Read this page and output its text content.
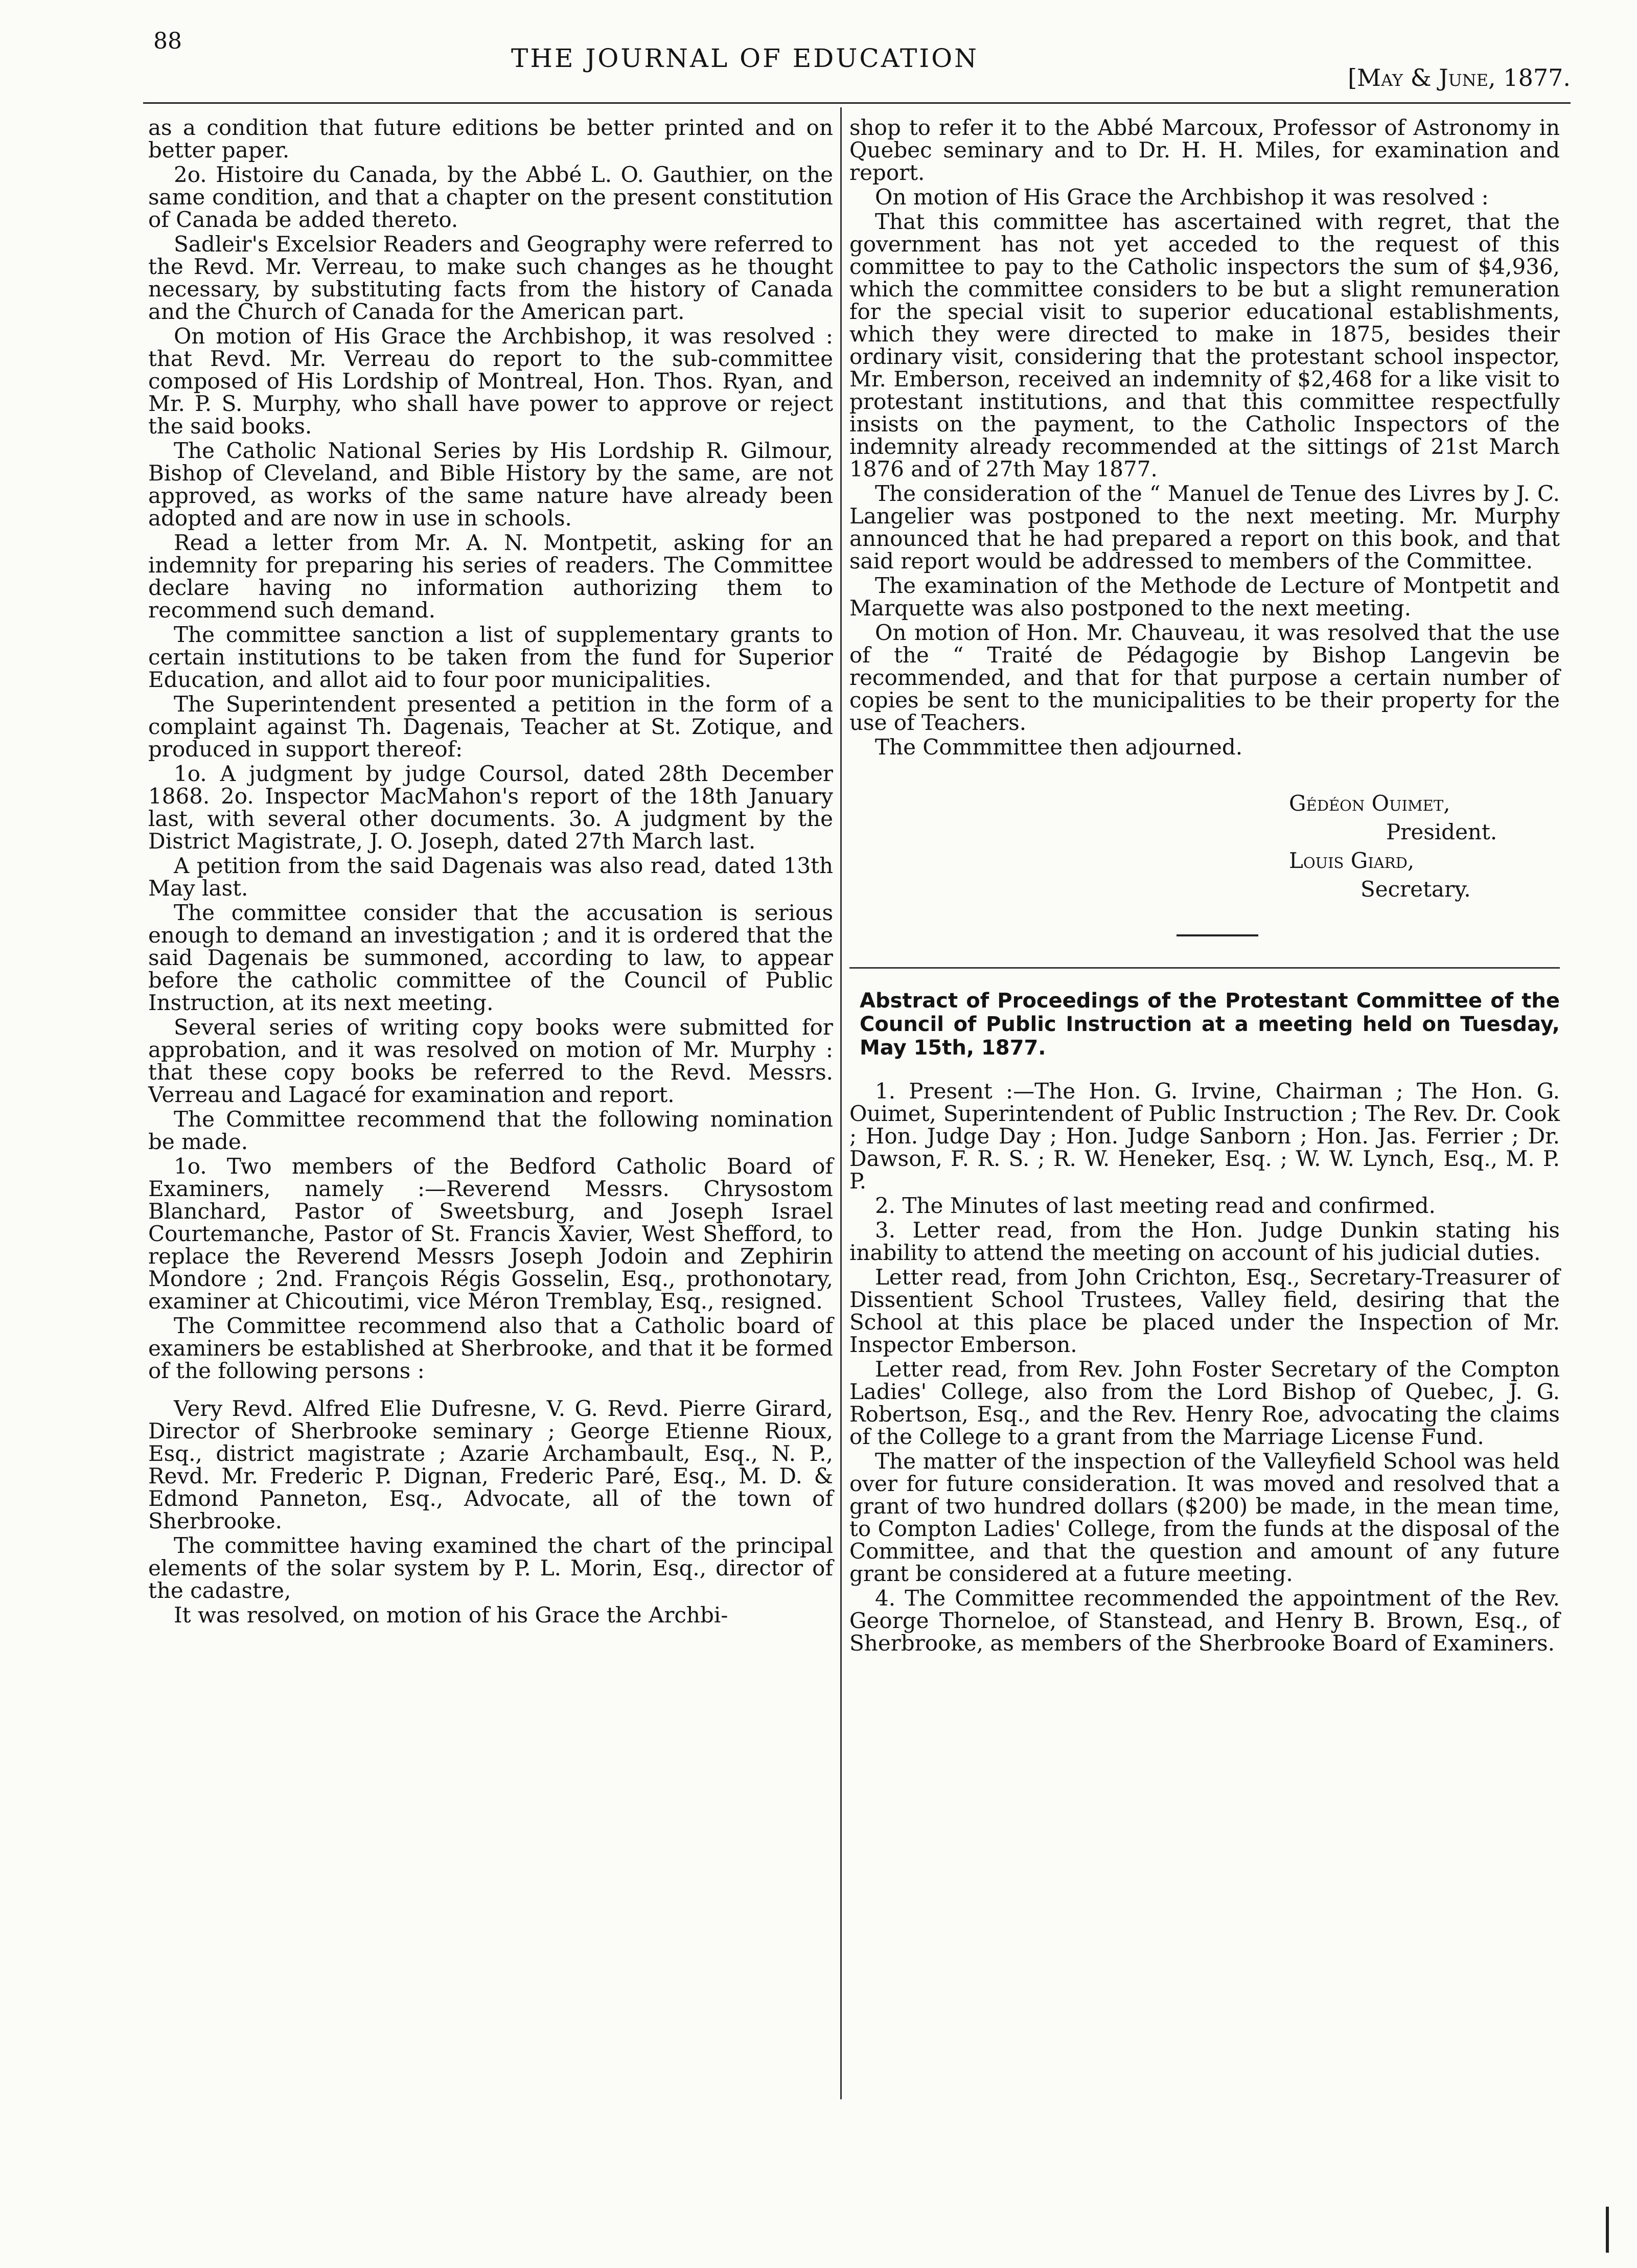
88
THE JOURNAL OF EDUCATION
[May & June, 1877.

as a condition that future editions be better printed and on better paper.

2o. Histoire du Canada, by the Abbé L. O. Gauthier, on the same condition, and that a chapter on the present constitution of Canada be added thereto.

Sadleir's Excelsior Readers and Geography were referred to the Revd. Mr. Verreau, to make such changes as he thought necessary, by substituting facts from the history of Canada and the Church of Canada for the American part.

On motion of His Grace the Archbishop, it was resolved : that Revd. Mr. Verreau do report to the sub-committee composed of His Lordship of Montreal, Hon. Thos. Ryan, and Mr. P. S. Murphy, who shall have power to approve or reject the said books.

The Catholic National Series by His Lordship R. Gilmour, Bishop of Cleveland, and Bible History by the same, are not approved, as works of the same nature have already been adopted and are now in use in schools.

Read a letter from Mr. A. N. Montpetit, asking for an indemnity for preparing his series of readers. The Committee declare having no information authorizing them to recommend such demand.

The committee sanction a list of supplementary grants to certain institutions to be taken from the fund for Superior Education, and allot aid to four poor municipalities.

The Superintendent presented a petition in the form of a complaint against Th. Dagenais, Teacher at St. Zotique, and produced in support thereof:

1o. A judgment by judge Coursol, dated 28th December 1868. 2o. Inspector MacMahon's report of the 18th January last, with several other documents. 3o. A judgment by the District Magistrate, J. O. Joseph, dated 27th March last.

A petition from the said Dagenais was also read, dated 13th May last.

The committee consider that the accusation is serious enough to demand an investigation ; and it is ordered that the said Dagenais be summoned, according to law, to appear before the catholic committee of the Council of Public Instruction, at its next meeting.

Several series of writing copy books were submitted for approbation, and it was resolved on motion of Mr. Murphy : that these copy books be referred to the Revd. Messrs. Verreau and Lagacé for examination and report.

The Committee recommend that the following nomination be made.

1o. Two members of the Bedford Catholic Board of Examiners, namely :—Reverend Messrs. Chrysostom Blanchard, Pastor of Sweetsburg, and Joseph Israel Courtemanche, Pastor of St. Francis Xavier, West Shefford, to replace the Reverend Messrs Joseph Jodoin and Zephirin Mondore ; 2nd. François Régis Gosselin, Esq., prothonotary, examiner at Chicoutimi, vice Méron Tremblay, Esq., resigned.

The Committee recommend also that a Catholic board of examiners be established at Sherbrooke, and that it be formed of the following persons :

Very Revd. Alfred Elie Dufresne, V. G. Revd. Pierre Girard, Director of Sherbrooke seminary ; George Etienne Rioux, Esq., district magistrate ; Azarie Archambault, Esq., N. P., Revd. Mr. Frederic P. Dignan, Frederic Paré, Esq., M. D. & Edmond Panneton, Esq., Advocate, all of the town of Sherbrooke.

The committee having examined the chart of the principal elements of the solar system by P. L. Morin, Esq., director of the cadastre,

It was resolved, on motion of his Grace the Archbi-

shop to refer it to the Abbé Marcoux, Professor of Astronomy in Quebec seminary and to Dr. H. H. Miles, for examination and report.

On motion of His Grace the Archbishop it was resolved :

That this committee has ascertained with regret, that the government has not yet acceded to the request of this committee to pay to the Catholic inspectors the sum of $4,936, which the committee considers to be but a slight remuneration for the special visit to superior educational establishments, which they were directed to make in 1875, besides their ordinary visit, considering that the protestant school inspector, Mr. Emberson, received an indemnity of $2,468 for a like visit to protestant institutions, and that this committee respectfully insists on the payment, to the Catholic Inspectors of the indemnity already recommended at the sittings of 21st March 1876 and of 27th May 1877.

The consideration of the “ Manuel de Tenue des Livres by J. C. Langelier was postponed to the next meeting. Mr. Murphy announced that he had prepared a report on this book, and that said report would be addressed to members of the Committee.

The examination of the Methode de Lecture of Montpetit and Marquette was also postponed to the next meeting.

On motion of Hon. Mr. Chauveau, it was resolved that the use of the “ Traité de Pédagogie by Bishop Langevin be recommended, and that for that purpose a certain number of copies be sent to the municipalities to be their property for the use of Teachers.

The Commmittee then adjourned.

Gédéon Ouimet,
President.
Louis Giard,
Secretary.

Abstract of Proceedings of the Protestant Committee of the Council of Public Instruction at a meeting held on Tuesday, May 15th, 1877.

1. Present :—The Hon. G. Irvine, Chairman ; The Hon. G. Ouimet, Superintendent of Public Instruction ; The Rev. Dr. Cook ; Hon. Judge Day ; Hon. Judge Sanborn ; Hon. Jas. Ferrier ; Dr. Dawson, F. R. S. ; R. W. Heneker, Esq. ; W. W. Lynch, Esq., M. P. P.

2. The Minutes of last meeting read and confirmed.

3. Letter read, from the Hon. Judge Dunkin stating his inability to attend the meeting on account of his judicial duties.

Letter read, from John Crichton, Esq., Secretary-Treasurer of Dissentient School Trustees, Valley field, desiring that the School at this place be placed under the Inspection of Mr. Inspector Emberson.

Letter read, from Rev. John Foster Secretary of the Compton Ladies' College, also from the Lord Bishop of Quebec, J. G. Robertson, Esq., and the Rev. Henry Roe, advocating the claims of the College to a grant from the Marriage License Fund.

The matter of the inspection of the Valleyfield School was held over for future consideration. It was moved and resolved that a grant of two hundred dollars ($200) be made, in the mean time, to Compton Ladies' College, from the funds at the disposal of the Committee, and that the question and amount of any future grant be considered at a future meeting.

4. The Committee recommended the appointment of the Rev. George Thorneloe, of Stanstead, and Henry B. Brown, Esq., of Sherbrooke, as members of the Sherbrooke Board of Examiners.
